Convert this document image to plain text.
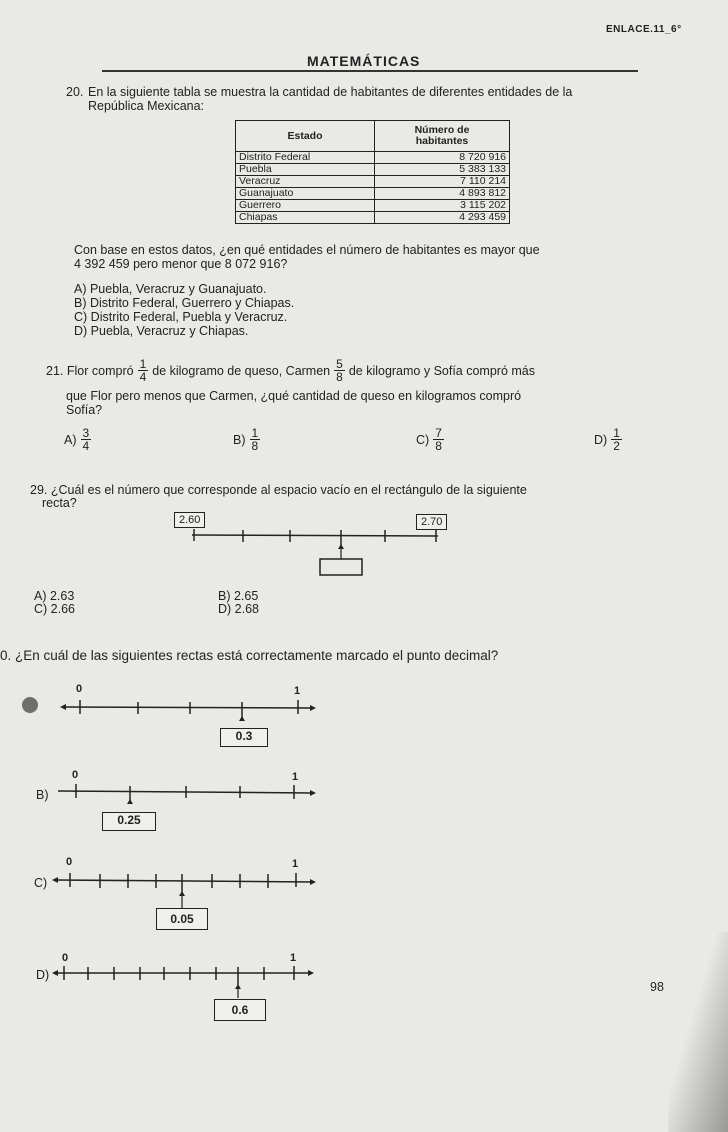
ENLACE.11_6°
MATEMÁTICAS
20. En la siguiente tabla se muestra la cantidad de habitantes de diferentes entidades de la
República Mexicana:
Estado	Número de
habitantes

Distrito Federal	8 720 916
Puebla	5 383 133
Veracruz	7 110 214
Guanajuato	4 893 812
Guerrero	3 115 202
Chiapas	4 293 459
Con base en estos datos, ¿en qué entidades el número de habitantes es mayor que
4 392 459 pero menor que 8 072 916?
A) Puebla, Veracruz y Guanajuato.
B) Distrito Federal, Guerrero y Chiapas.
C) Distrito Federal, Puebla y Veracruz.
D) Puebla, Veracruz y Chiapas.
21.
Flor compró $\frac{1}{4}$ de kilogramo de queso, Carmen $\frac{5}{8}$ de kilogramo y Sofía compró más
que Flor pero menos que Carmen, ¿qué cantidad de queso en kilogramos compró
Sofía?
$A) \frac{3}{4}$	$B) \frac{1}{8}$	$C) \frac{7}{8}$	$D) \frac{1}{2}$
29. ¿Cuál es el número que corresponde al espacio vacío en el rectángulo de la siguiente
recta?
2.60	2.70
A) 2.63	B) 2.65
C) 2.66	D) 2.68
0. ¿En cuál de las siguientes rectas está correctamente marcado el punto decimal?
0	1
0.3
B)
0	1
0.25
C)
0	1
0.05
D)
0	1
0.6
98
